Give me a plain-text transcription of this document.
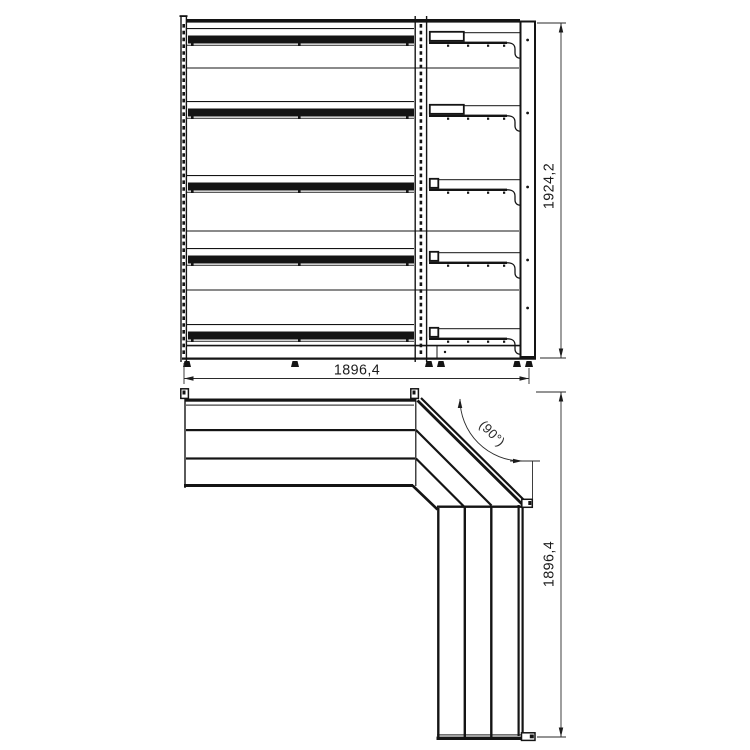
1924,2
1896,4
1896,4
(90°)
